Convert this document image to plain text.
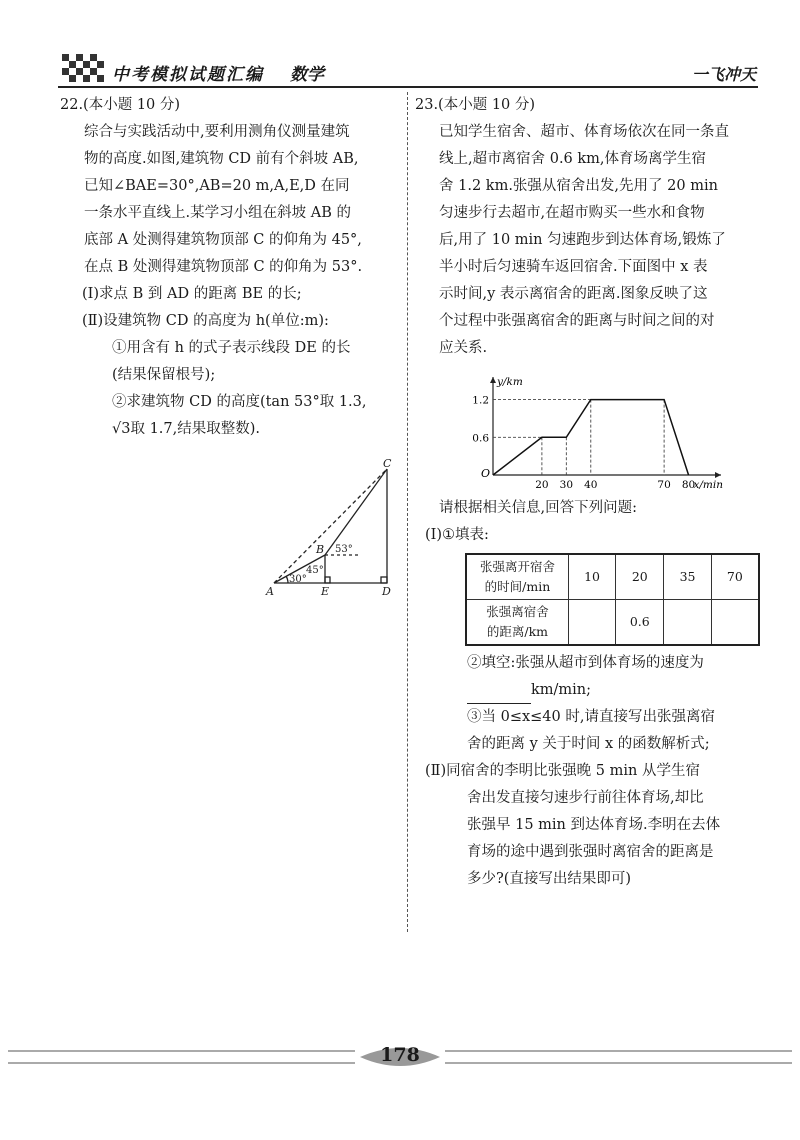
中考模拟试题汇编 数学	一飞冲天

22.(本小题 10 分)

综合与实践活动中,要利用测角仪测量建筑

物的高度.如图,建筑物 CD 前有个斜坡 AB,

已知∠BAE=30°,AB=20 m,A,E,D 在同

一条水平直线上.某学习小组在斜坡 AB 的

底部 A 处测得建筑物顶部 C 的仰角为 45°,

在点 B 处测得建筑物顶部 C 的仰角为 53°.

(Ⅰ)求点 B 到 AD 的距离 BE 的长;

(Ⅱ)设建筑物 CD 的高度为 h(单位:m):

①用含有 h 的式子表示线段 DE 的长

(结果保留根号);

②求建筑物 CD 的高度(tan 53°取 1.3,

√3取 1.7,结果取整数).

C
B
A	E	D
30°
45°
53°

23.(本小题 10 分)

已知学生宿舍、超市、体育场依次在同一条直

线上,超市离宿舍 0.6 km,体育场离学生宿

舍 1.2 km.张强从宿舍出发,先用了 20 min

匀速步行去超市,在超市购买一些水和食物

后,用了 10 min 匀速跑步到达体育场,锻炼了

半小时后匀速骑车返回宿舍.下面图中 x 表

示时间,y 表示离宿舍的距离.图象反映了这

个过程中张强离宿舍的距离与时间之间的对

应关系.

20 30 40	70 80
0.6
1.2
x/min
y/km
O

请根据相关信息,回答下列问题:

(Ⅰ)①填表:

张强离开宿舍
的时间/min	10	20	35	70
张强离宿舍
的距离/km		0.6		

②填空:张强从超市到体育场的速度为

km/min;

③当 0≤x≤40 时,请直接写出张强离宿

舍的距离 y 关于时间 x 的函数解析式;

(Ⅱ)同宿舍的李明比张强晚 5 min 从学生宿

舍出发直接匀速步行前往体育场,却比

张强早 15 min 到达体育场.李明在去体

育场的途中遇到张强时离宿舍的距离是

多少?(直接写出结果即可)

178
